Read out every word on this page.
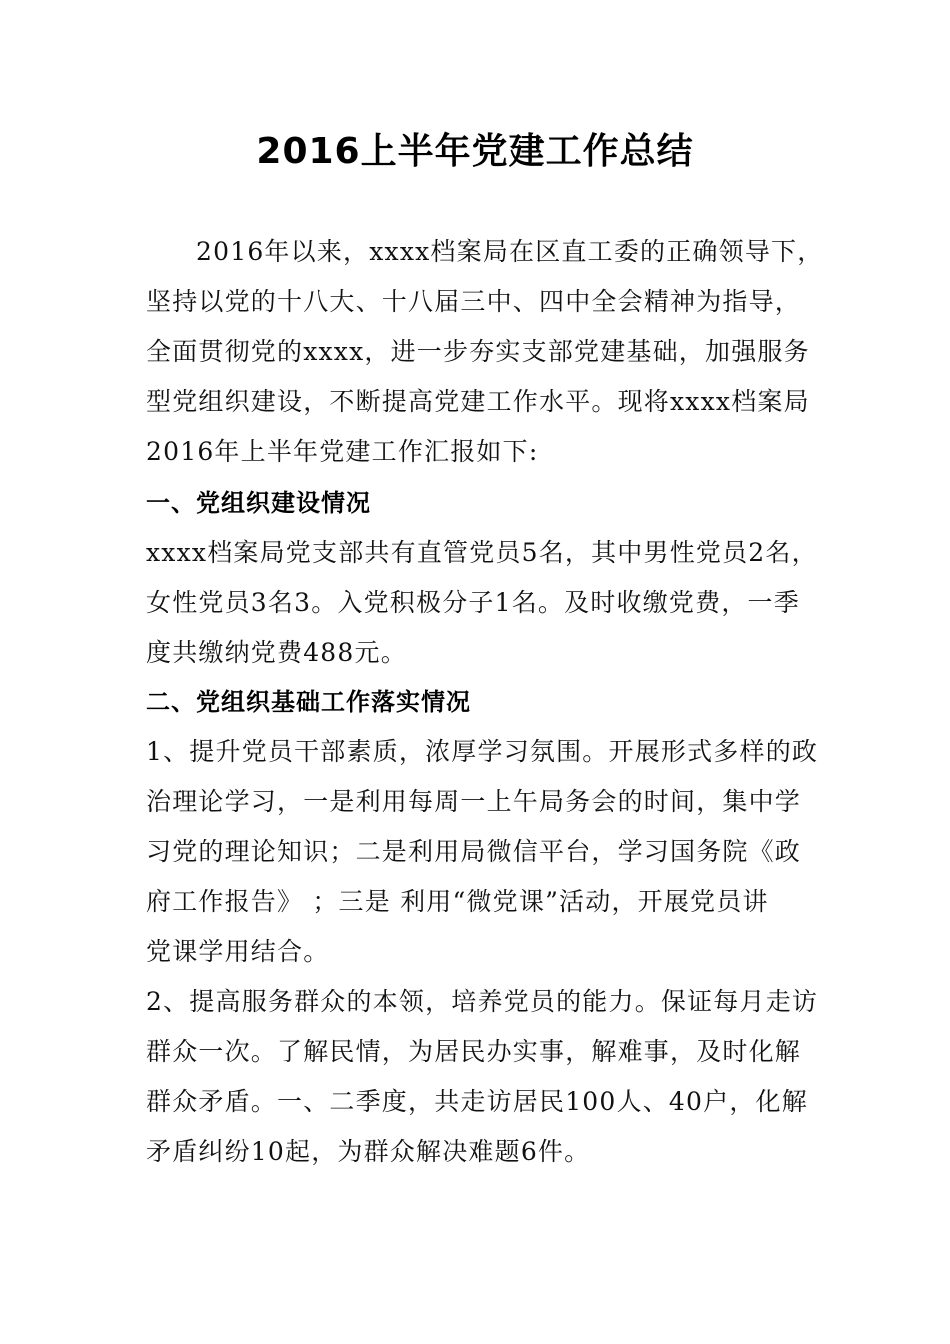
2016上半年党建工作总结
2016年以来，xxxx档案局在区直工委的正确领导下，
坚持以党的十八大、十八届三中、四中全会精神为指导，
全面贯彻党的xxxx，进一步夯实支部党建基础，加强服务
型党组织建设，不断提高党建工作水平。现将xxxx档案局
2016年上半年党建工作汇报如下:
一、党组织建设情况
xxxx档案局党支部共有直管党员5名，其中男性党员2名，
女性党员3名3。入党积极分子1名。及时收缴党费，一季
度共缴纳党费488元。
二、党组织基础工作落实情况
1、提升党员干部素质，浓厚学习氛围。开展形式多样的政
治理论学习，一是利用每周一上午局务会的时间，集中学
习党的理论知识；二是利用局微信平台，学习国务院《政
府工作报告》 ；三是 利用“微党课”活动，开展党员讲
党课学用结合。
2、提高服务群众的本领，培养党员的能力。保证每月走访
群众一次。了解民情，为居民办实事，解难事，及时化解
群众矛盾。一、二季度，共走访居民100人、40户，化解
矛盾纠纷10起，为群众解决难题6件。
